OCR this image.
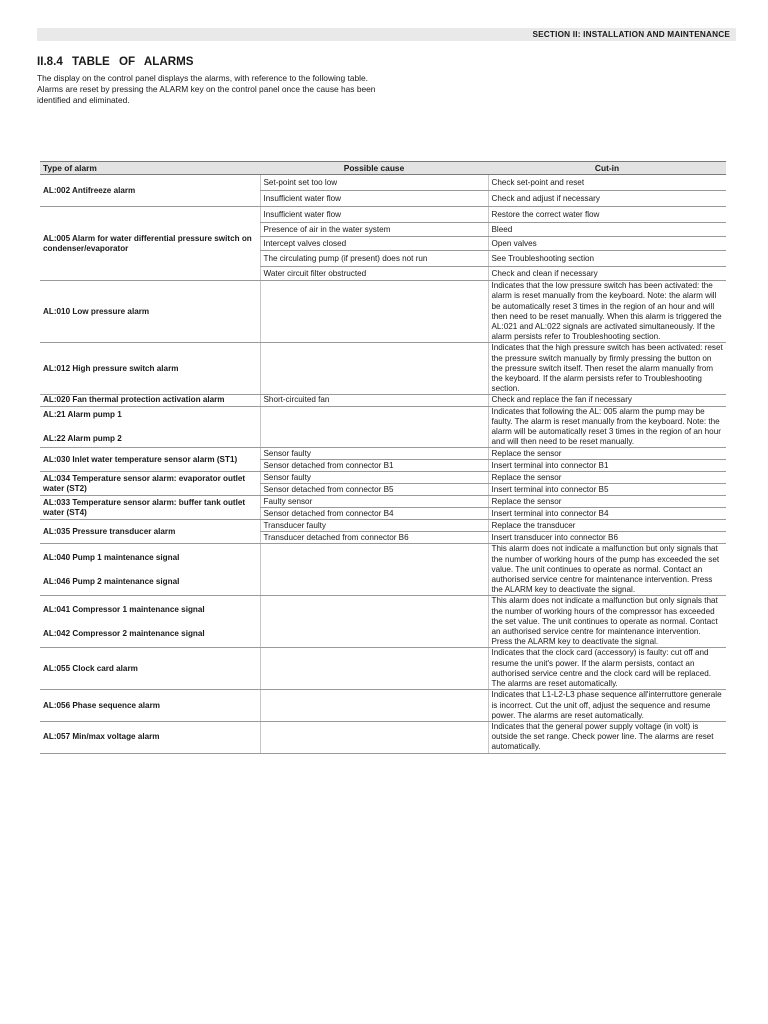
SECTION II: INSTALLATION AND MAINTENANCE
II.8.4 TABLE OF ALARMS
The display on the control panel displays the alarms, with reference to the following table. Alarms are reset by pressing the ALARM key on the control panel once the cause has been identified and eliminated.
Type of alarm	Possible cause	Cut-in
AL:002 Antifreeze alarm	Set-point set too low	Check set-point and reset
	Insufficient water flow	Check and adjust if necessary
AL:005 Alarm for water differential pressure switch on condenser/evaporator	Insufficient water flow	Restore the correct water flow
	Presence of air in the water system	Bleed
	Intercept valves closed	Open valves
	The circulating pump (if present) does not run	See Troubleshooting section
	Water circuit filter obstructed	Check and clean if necessary
AL:010 Low pressure alarm		Indicates that the low pressure switch has been activated: the alarm is reset manually from the keyboard. Note: the alarm will be automatically reset 3 times in the region of an hour and will then need to be reset manually. When this alarm is triggered the AL:021 and AL:022 signals are activated simultaneously. If the alarm persists refer to Troubleshooting section.
AL:012 High pressure switch alarm		Indicates that the high pressure switch has been activated: reset the pressure switch manually by firmly pressing the button on the pressure switch itself. Then reset the alarm manually from the keyboard. If the alarm persists refer to Troubleshooting section.
AL:020 Fan thermal protection activation alarm	Short-circuited fan	Check and replace the fan if necessary

AL:21 Alarm pump 1
AL:22 Alarm pump 2		Indicates that following the AL: 005 alarm the pump may be faulty. The alarm is reset manually from the keyboard. Note: the alarm will be automatically reset 3 times in the region of an hour and will then need to be reset manually.
AL:030 Inlet water temperature sensor alarm (ST1)	Sensor faulty	Replace the sensor
	Sensor detached from connector B1	Insert terminal into connector B1
AL:034 Temperature sensor alarm: evaporator outlet water (ST2)	Sensor faulty	Replace the sensor
	Sensor detached from connector B5	Insert terminal into connector B5
AL:033 Temperature sensor alarm: buffer tank outlet water (ST4)	Faulty sensor	Replace the sensor
	Sensor detached from connector B4	Insert terminal into connector B4
AL:035 Pressure transducer alarm	Transducer faulty	Replace the transducer
	Transducer detached from connector B6	Insert transducer into connector B6

AL:040 Pump 1 maintenance signal
AL:046 Pump 2 maintenance signal		This alarm does not indicate a malfunction but only signals that the number of working hours of the pump has exceeded the set value. The unit continues to operate as normal. Contact an authorised service centre for maintenance intervention. Press the ALARM key to deactivate the signal.

AL:041 Compressor 1 maintenance signal
AL:042 Compressor 2 maintenance signal		This alarm does not indicate a malfunction but only signals that the number of working hours of the compressor has exceeded the set value. The unit continues to operate as normal. Contact an authorised service centre for maintenance intervention. Press the ALARM key to deactivate the signal.
AL:055 Clock card alarm		Indicates that the clock card (accessory) is faulty: cut off and resume the unit's power. If the alarm persists, contact an authorised service centre and the clock card will be replaced. The alarms are reset automatically.
AL:056 Phase sequence alarm		Indicates that L1-L2-L3 phase sequence all'interruttore generale is incorrect. Cut the unit off, adjust the sequence and resume power. The alarms are reset automatically.
AL:057 Min/max voltage alarm		Indicates that the general power supply voltage (in volt) is outside the set range. Check power line. The alarms are reset automatically.
